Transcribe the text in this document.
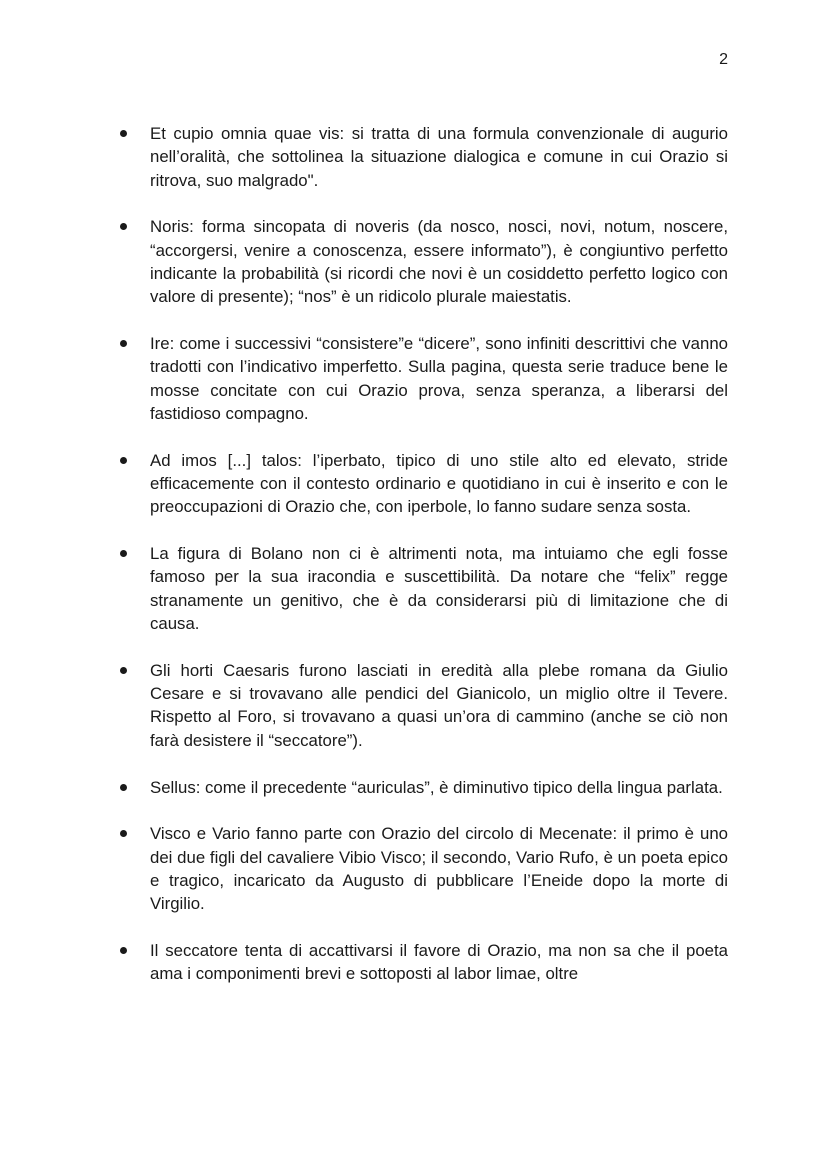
2
Et cupio omnia quae vis: si tratta di una formula convenzionale di augurio nell’oralità, che sottolinea la situazione dialogica e comune in cui Orazio si ritrova, suo malgrado".
Noris: forma sincopata di noveris (da nosco, nosci, novi, notum, noscere, “accorgersi, venire a conoscenza, essere informato”), è congiuntivo perfetto indicante la probabilità (si ricordi che novi è un cosiddetto perfetto logico con valore di presente); “nos” è un ridicolo plurale maiestatis.
Ire: come i successivi “consistere”e “dicere”, sono infiniti descrittivi che vanno tradotti con l’indicativo imperfetto. Sulla pagina, questa serie traduce bene le mosse concitate con cui Orazio prova, senza speranza, a liberarsi del fastidioso compagno.
Ad imos [...] talos: l’iperbato, tipico di uno stile alto ed elevato, stride efficacemente con il contesto ordinario e quotidiano in cui è inserito e con le preoccupazioni di Orazio che, con iperbole, lo fanno sudare senza sosta.
La figura di Bolano non ci è altrimenti nota, ma intuiamo che egli fosse famoso per la sua iracondia e suscettibilità. Da notare che “felix” regge stranamente un genitivo, che è da considerarsi più di limitazione che di causa.
Gli horti Caesaris furono lasciati in eredità alla plebe romana da Giulio Cesare e si trovavano alle pendici del Gianicolo, un miglio oltre il Tevere. Rispetto al Foro, si trovavano a quasi un’ora di cammino (anche se ciò non farà desistere il “seccatore”).
Sellus: come il precedente “auriculas”, è diminutivo tipico della lingua parlata.
Visco e Vario fanno parte con Orazio del circolo di Mecenate: il primo è uno dei due figli del cavaliere Vibio Visco; il secondo, Vario Rufo, è un poeta epico e tragico, incaricato da Augusto di pubblicare l’Eneide dopo la morte di Virgilio.
Il seccatore tenta di accattivarsi il favore di Orazio, ma non sa che il poeta ama i componimenti brevi e sottoposti al labor limae, oltre
